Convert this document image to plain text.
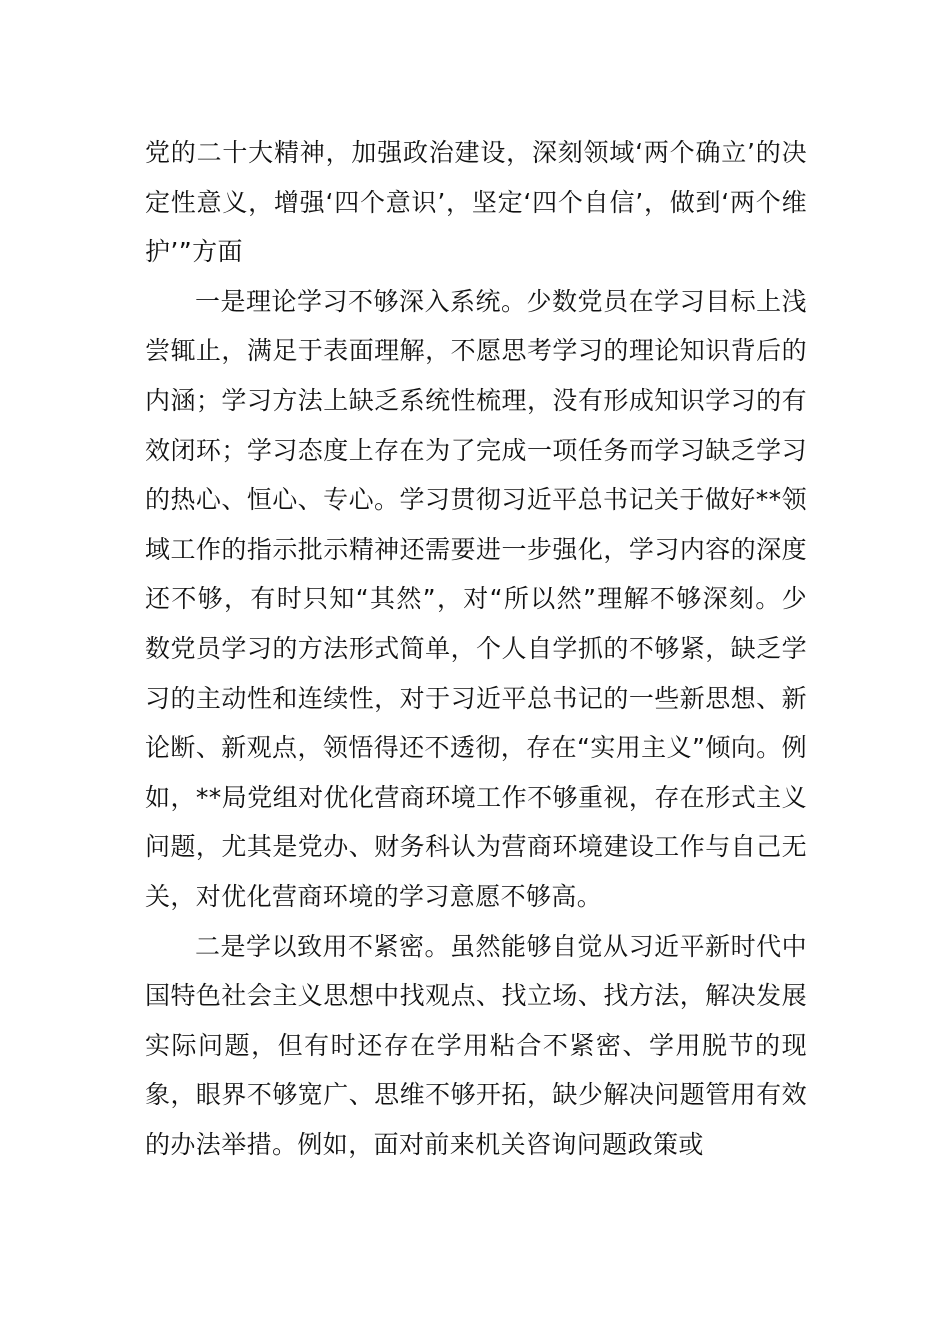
党的二十大精神，加强政治建设，深刻领域‘两个确立’的决定性意义，增强‘四个意识’，坚定‘四个自信’，做到‘两个维护’”方面

一是理论学习不够深入系统。少数党员在学习目标上浅尝辄止，满足于表面理解，不愿思考学习的理论知识背后的内涵；学习方法上缺乏系统性梳理，没有形成知识学习的有效闭环；学习态度上存在为了完成一项任务而学习缺乏学习的热心、恒心、专心。学习贯彻习近平总书记关于做好**领域工作的指示批示精神还需要进一步强化，学习内容的深度还不够，有时只知“其然”，对“所以然”理解不够深刻。少数党员学习的方法形式简单，个人自学抓的不够紧，缺乏学习的主动性和连续性，对于习近平总书记的一些新思想、新论断、新观点，领悟得还不透彻，存在“实用主义”倾向。例如，**局党组对优化营商环境工作不够重视，存在形式主义问题，尤其是党办、财务科认为营商环境建设工作与自己无关，对优化营商环境的学习意愿不够高。

二是学以致用不紧密。虽然能够自觉从习近平新时代中国特色社会主义思想中找观点、找立场、找方法，解决发展实际问题，但有时还存在学用粘合不紧密、学用脱节的现象，眼界不够宽广、思维不够开拓，缺少解决问题管用有效的办法举措。例如，面对前来机关咨询问题政策或
